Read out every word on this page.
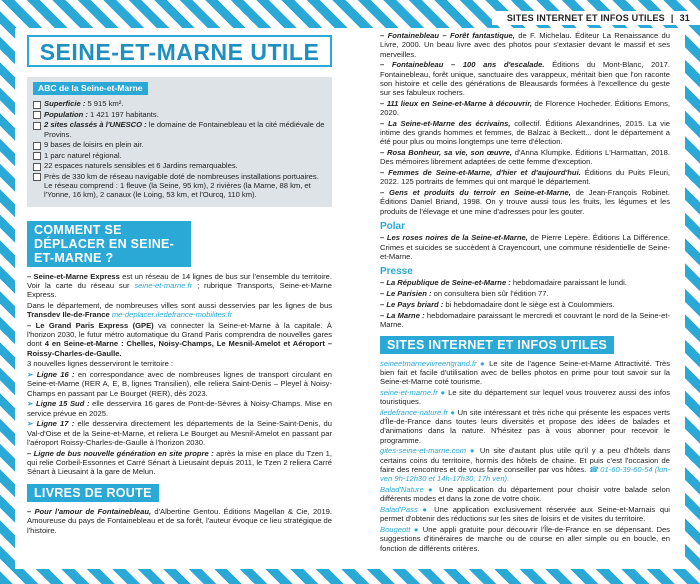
SITES INTERNET ET INFOS UTILES | 31
SEINE-ET-MARNE UTILE
ABC de la Seine-et-Marne
Superficie : 5 915 km².
Population : 1 421 197 habitants.
2 sites classés à l'UNESCO : le domaine de Fontainebleau et la cité médiévale de Provins.
9 bases de loisirs en plein air.
1 parc naturel régional.
22 espaces naturels sensibles et 6 Jardins remarquables.
Près de 330 km de réseau navigable doté de nombreuses installations portuaires. Le réseau comprend : 1 fleuve (la Seine, 95 km), 2 rivières (la Marne, 88 km, et l'Yonne, 16 km), 2 canaux (le Loing, 53 km, et l'Ourcq, 110 km).
COMMENT SE DÉPLACER EN SEINE-ET-MARNE ?

– Seine-et-Marne Express est un réseau de 14 lignes de bus sur l'ensemble du territoire. Voir la carte du réseau sur seine-et-marne.fr ; rubrique Transports, Seine-et-Marne Express.

Dans le département, de nombreuses villes sont aussi desservies par les lignes de bus Transdev Ile-de-France me-deplacer.iledefrance-mobilites.fr

– Le Grand Paris Express (GPE) va connecter la Seine-et-Marne à la capitale. À l'horizon 2030, le futur métro automatique du Grand Paris comprendra de nouvelles gares dont 4 en Seine-et-Marne : Chelles, Noisy-Champs, Le Mesnil-Amelot et Aéroport – Roissy-Charles-de-Gaulle.

3 nouvelles lignes desserviront le territoire :

➢ Ligne 16 : en correspondance avec de nombreuses lignes de transport circulant en Seine-et-Marne (RER A, E, B, lignes Transilien), elle reliera Saint-Denis – Pleyel à Noisy-Champs en passant par Le Bourget (RER), dès 2023.

➢ Ligne 15 Sud : elle desservira 16 gares de Pont-de-Sèvres à Noisy-Champs. Mise en service prévue en 2025.

➢ Ligne 17 : elle desservira directement les départements de la Seine-Saint-Denis, du Val-d'Oise et de la Seine-et-Marne, et reliera Le Bourget au Mesnil-Amelot en passant par l'aéroport Roissy-Charles-de-Gaulle à l'horizon 2030.

– Ligne de bus nouvelle génération en site propre : après la mise en place du Tzen 1, qui relie Corbeil-Essonnes et Carré Sénart à Lieusaint depuis 2011, le Tzen 2 reliera Carré Sénart à Lieusaint à la gare de Melun.

LIVRES DE ROUTE

– Pour l'amour de Fontainebleau, d'Albertine Gentou. Éditions Magellan & Cie, 2019. Amoureuse du pays de Fontainebleau et de sa forêt, l'auteur évoque ce lieu stratégique de l'histoire.

– Fontainebleau – Forêt fantastique, de F. Michelau. Éditeur La Renaissance du Livre, 2000. Un beau livre avec des photos pour s'extasier devant le massif et ses merveilles.

– Fontainebleau – 100 ans d'escalade. Éditions du Mont-Blanc, 2017. Fontainebleau, forêt unique, sanctuaire des varappeux, méritait bien que l'on raconte son histoire et celle des générations de Bleausards formées à l'excellence du geste sur ses fabuleux rochers.

– 111 lieux en Seine-et-Marne à découvrir, de Florence Hocheder. Éditions Emons, 2020.

– La Seine-et-Marne des écrivains, collectif. Éditions Alexandrines, 2015. La vie intime des grands hommes et femmes, de Balzac à Beckett... dont le département a été pour plus ou moins longtemps une terre d'élection.

– Rosa Bonheur, sa vie, son œuvre, d'Anna Klumpke. Éditions L'Harmattan, 2018. Des mémoires librement adaptées de cette femme d'exception.

– Femmes de Seine-et-Marne, d'hier et d'aujourd'hui. Éditions du Puits Fleuri, 2022. 125 portraits de femmes qui ont marqué le département.

– Gens et produits du terroir en Seine-et-Marne, de Jean-François Robinet. Éditions Daniel Briand, 1998. On y trouve aussi tous les fruits, les légumes et les produits de l'élevage et une mine d'adresses pour les gouter.

Polar

– Les roses noires de la Seine-et-Marne, de Pierre Lepère. Éditions La Différence. Crimes et suicides se succèdent à Crayencourt, une commune résidentielle de Seine-et-Marne.

Presse

– La République de Seine-et-Marne : hebdomadaire paraissant le lundi.

– Le Parisien : on consultera bien sûr l'édition 77.

– Le Pays briard : bi hebdomadaire dont le siège est à Coulommiers.

– La Marne : hebdomadaire paraissant le mercredi et couvrant le nord de la Seine-et-Marne.

SITES INTERNET ET INFOS UTILES

seineetmarnevivreengrand.fr ● Le site de l'agence Seine-et-Marne Attractivité. Très bien fait et facile d'utilisation avec de belles photos en prime pour tout savoir sur la Seine-et-Marne coté tourisme.

seine-et-marne.fr ● Le site du département sur lequel vous trouverez aussi des infos touristiques.

iledefrance-nature.fr ● Un site intéressant et très riche qui présente les espaces verts d'Île-de-France dans toutes leurs diversités et propose des idées de balades et d'animations dans la nature. N'hésitez pas à vous abonner pour recevoir le programme.

gites-seine-et-marne.com ● Un site d'autant plus utile qu'il y a peu d'hôtels dans certains coins du territoire, hormis des hôtels de chaine. Et puis c'est l'occasion de faire des rencontres et de vous faire conseiller par vos hôtes. ☎ 01-60-39-60-54 (lun-ven 9h-12h30 et 14h-17h30, 17h ven).

Balad'Nature ● Une application du département pour choisir votre balade selon différents modes et dans la zone de votre choix.

Balad'Pass ● Une application exclusivement réservée aux Seine-et-Marnais qui permet d'obtenir des réductions sur les sites de loisirs et de visites du territoire.

Bougeott ● Une appli gratuite pour découvrir l'Île-de-France en se dépensant. Des suggestions d'itinéraires de marche ou de course en aller simple ou en boucle, en fonction de différents critères.
